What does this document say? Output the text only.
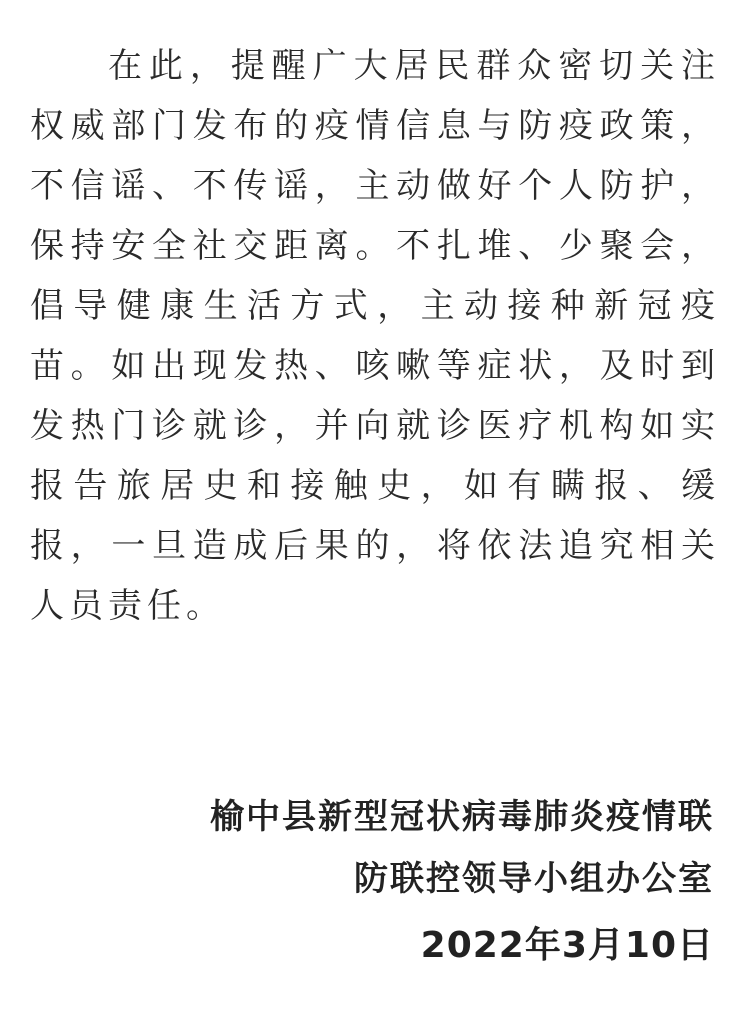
在此，提醒广大居民群众密切关注权威部门发布的疫情信息与防疫政策，不信谣、不传谣，主动做好个人防护，保持安全社交距离。不扎堆、少聚会，倡导健康生活方式，主动接种新冠疫苗。如出现发热、咳嗽等症状，及时到发热门诊就诊，并向就诊医疗机构如实报告旅居史和接触史，如有瞒报、缓报，一旦造成后果的，将依法追究相关人员责任。

榆中县新型冠状病毒肺炎疫情联
防联控领导小组办公室
2022年3月10日
